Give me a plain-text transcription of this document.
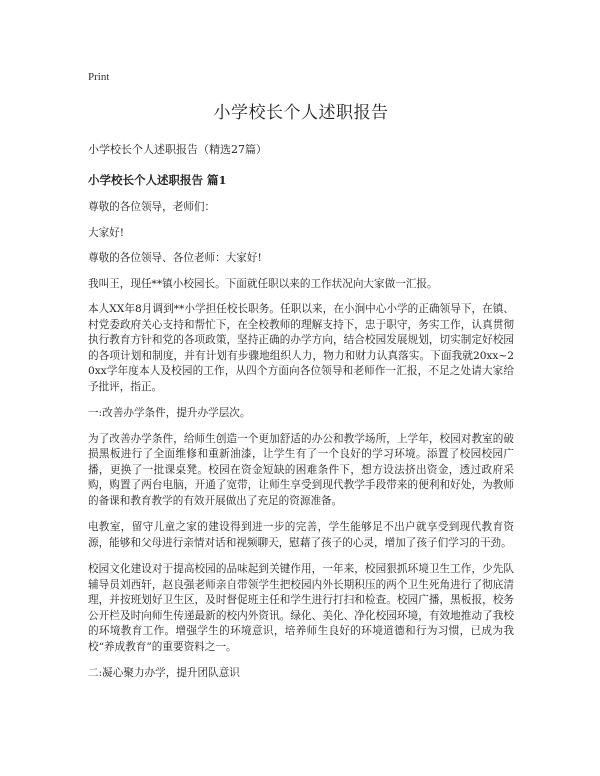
Print
小学校长个人述职报告
小学校长个人述职报告（精选27篇）
小学校长个人述职报告 篇1

尊敬的各位领导，老师们：

大家好!

尊敬的各位领导、各位老师：大家好!

我叫王，现任**镇小校园长。下面就任职以来的工作状况向大家做一汇报。

本人XX年8月调到**小学担任校长职务。任职以来，在小涧中心小学的正确领导下，在镇、村党委政府关心支持和帮忙下，在全校教师的理解支持下，忠于职守，务实工作，认真贯彻执行教育方针和党的各项政策，坚持正确的办学方向，结合校园发展规划，切实制定好校园的各项计划和制度，并有计划有步骤地组织人力，物力和财力认真落实。下面我就20xx~20xx学年度本人及校园的工作，从四个方面向各位领导和老师作一汇报，不足之处请大家给予批评，指正。

一:改善办学条件，提升办学层次。

为了改善办学条件，给师生创造一个更加舒适的办公和教学场所，上学年，校园对教室的破损黑板进行了全面维修和重新油漆，让学生有了一个良好的学习环境。添置了校园校园广播，更换了一批课桌凳。校园在资金短缺的困难条件下，想方设法挤出资金，透过政府采购，购置了两台电脑，开通了宽带，让师生享受到现代教学手段带来的便利和好处，为教师的备课和教育教学的有效开展做出了充足的资源准备。

电教室，留守儿童之家的建设得到进一步的完善，学生能够足不出户就享受到现代教育资源，能够和父母进行亲情对话和视频聊天，慰藉了孩子的心灵，增加了孩子们学习的干劲。

校园文化建设对于提高校园的品味起到关键作用，一年来，校园狠抓环境卫生工作，少先队辅导员刘西轩，赵良强老师亲自带领学生把校园内外长期积压的两个卫生死角进行了彻底清理，并按班划好卫生区，及时督促班主任和学生进行打扫和检查。校园广播，黑板报，校务公开栏及时向师生传递最新的校内外资讯。绿化、美化、净化校园环境，有效地推动了我校的环境教育工作。增强学生的环境意识，培养师生良好的环境道德和行为习惯，已成为我校“养成教育”的重要资料之一。

二:凝心聚力办学，提升团队意识
